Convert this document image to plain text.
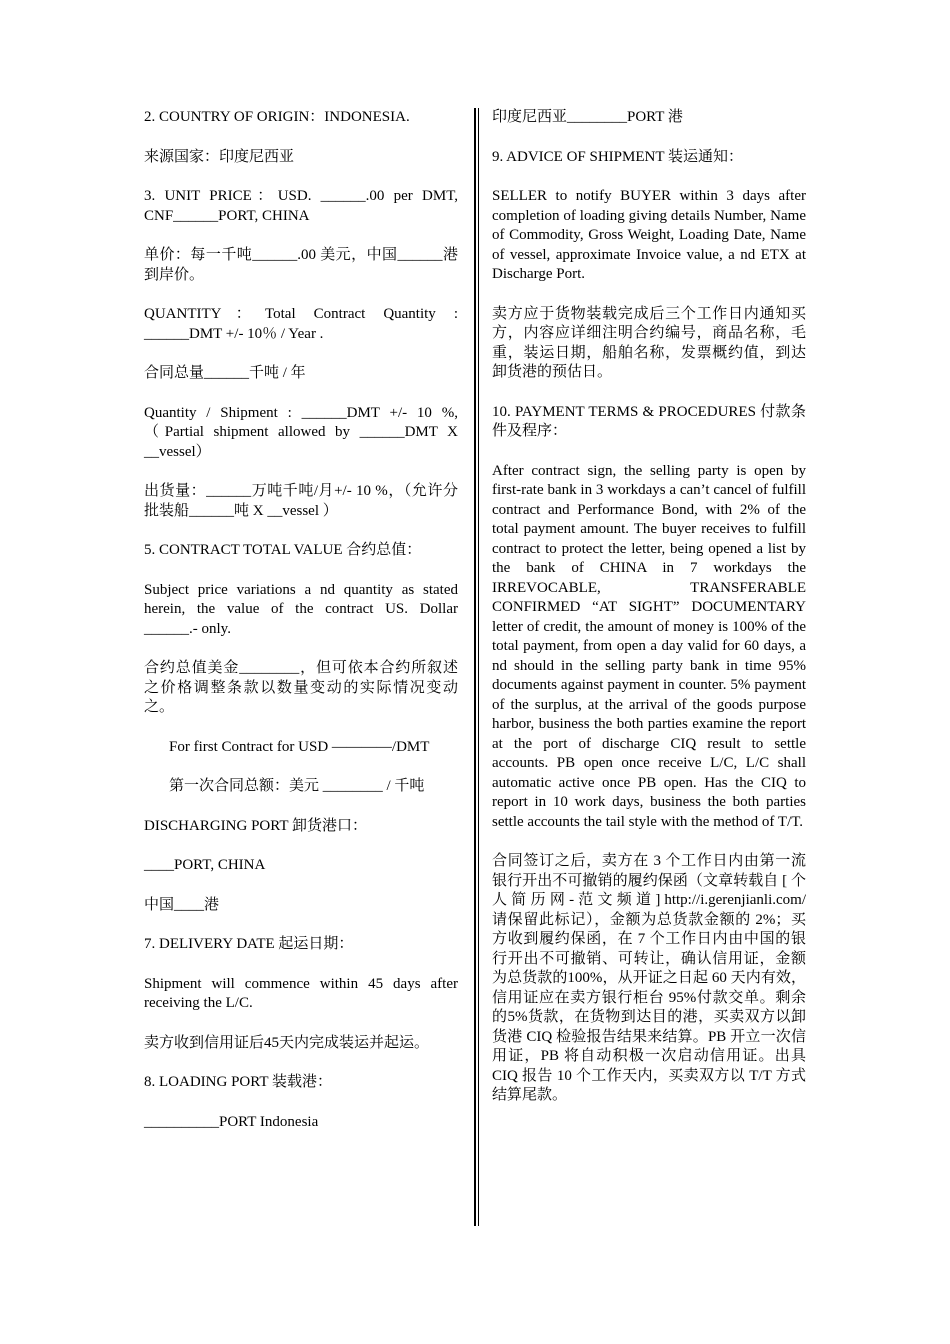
2. COUNTRY OF ORIGIN：INDONESIA.

来源国家：印度尼西亚

3. UNIT PRICE：USD. ______.00 per DMT, CNF______PORT, CHINA

单价：每一千吨______.00 美元，中国______港到岸价。

QUANTITY：Total Contract Quantity : ______DMT +/- 10％ / Year .

合同总量______千吨 / 年

Quantity / Shipment : ______DMT +/- 10 %,（Partial shipment allowed by ______DMT X __vessel）

出货量：______万吨千吨/月+/- 10 %，（允许分批装船______吨 X __vessel ）

5. CONTRACT TOTAL VALUE 合约总值：

Subject price variations a nd quantity as stated herein, the value of the contract US. Dollar ______.- only.

合约总值美金________，但可依本合约所叙述之价格调整条款以数量变动的实际情况变动之。

For first Contract for USD ————/DMT

第一次合同总额：美元 ________ / 千吨

DISCHARGING PORT 卸货港口：

____PORT, CHINA

中国____港

7. DELIVERY DATE 起运日期：

Shipment will commence within 45 days after receiving the L/C.

卖方收到信用证后45天内完成装运并起运。

8. LOADING PORT 装载港：

__________PORT Indonesia

印度尼西亚________PORT 港

9. ADVICE OF SHIPMENT 装运通知：

SELLER to notify BUYER within 3 days after completion of loading giving details Number, Name of Commodity, Gross Weight, Loading Date, Name of vessel, approximate Invoice value, a nd ETX at Discharge Port.

卖方应于货物装载完成后三个工作日内通知买方，内容应详细注明合约编号，商品名称，毛重，装运日期，船舶名称，发票概约值，到达卸货港的预估日。

10. PAYMENT TERMS & PROCEDURES 付款条件及程序：

After contract sign, the selling party is open by first-rate bank in 3 workdays a can’t cancel of fulfill contract and Performance Bond, with 2% of the total payment amount. The buyer receives to fulfill contract to protect the letter, being opened a list by the bank of CHINA in 7 workdays the IRREVOCABLE, TRANSFERABLE CONFIRMED “AT SIGHT” DOCUMENTARY letter of credit, the amount of money is 100% of the total payment, from open a day valid for 60 days, a nd should in the selling party bank in time 95% documents against payment in counter. 5% payment of the surplus, at the arrival of the goods purpose harbor, business the both parties examine the report at the port of discharge CIQ result to settle accounts. PB open once receive L/C, L/C shall automatic active once PB open. Has the CIQ to report in 10 work days, business the both parties settle accounts the tail style with the method of T/T.

合同签订之后，卖方在 3 个工作日内由第一流银行开出不可撤销的履约保函（文章转载自 [ 个 人 简 历 网 - 范 文 频 道 ] http://i.gerenjianli.com/ 请保留此标记），金额为总货款金额的 2%；买方收到履约保函，在 7 个工作日内由中国的银行开出不可撤销、可转让，确认信用证，金额为总货款的100%，从开证之日起 60 天内有效，信用证应在卖方银行柜台 95%付款交单。剩余的5%货款，在货物到达目的港，买卖双方以卸货港 CIQ 检验报告结果来结算。PB 开立一次信用证，PB 将自动积极一次启动信用证。出具 CIQ 报告 10 个工作天内，买卖双方以 T/T 方式结算尾款。
